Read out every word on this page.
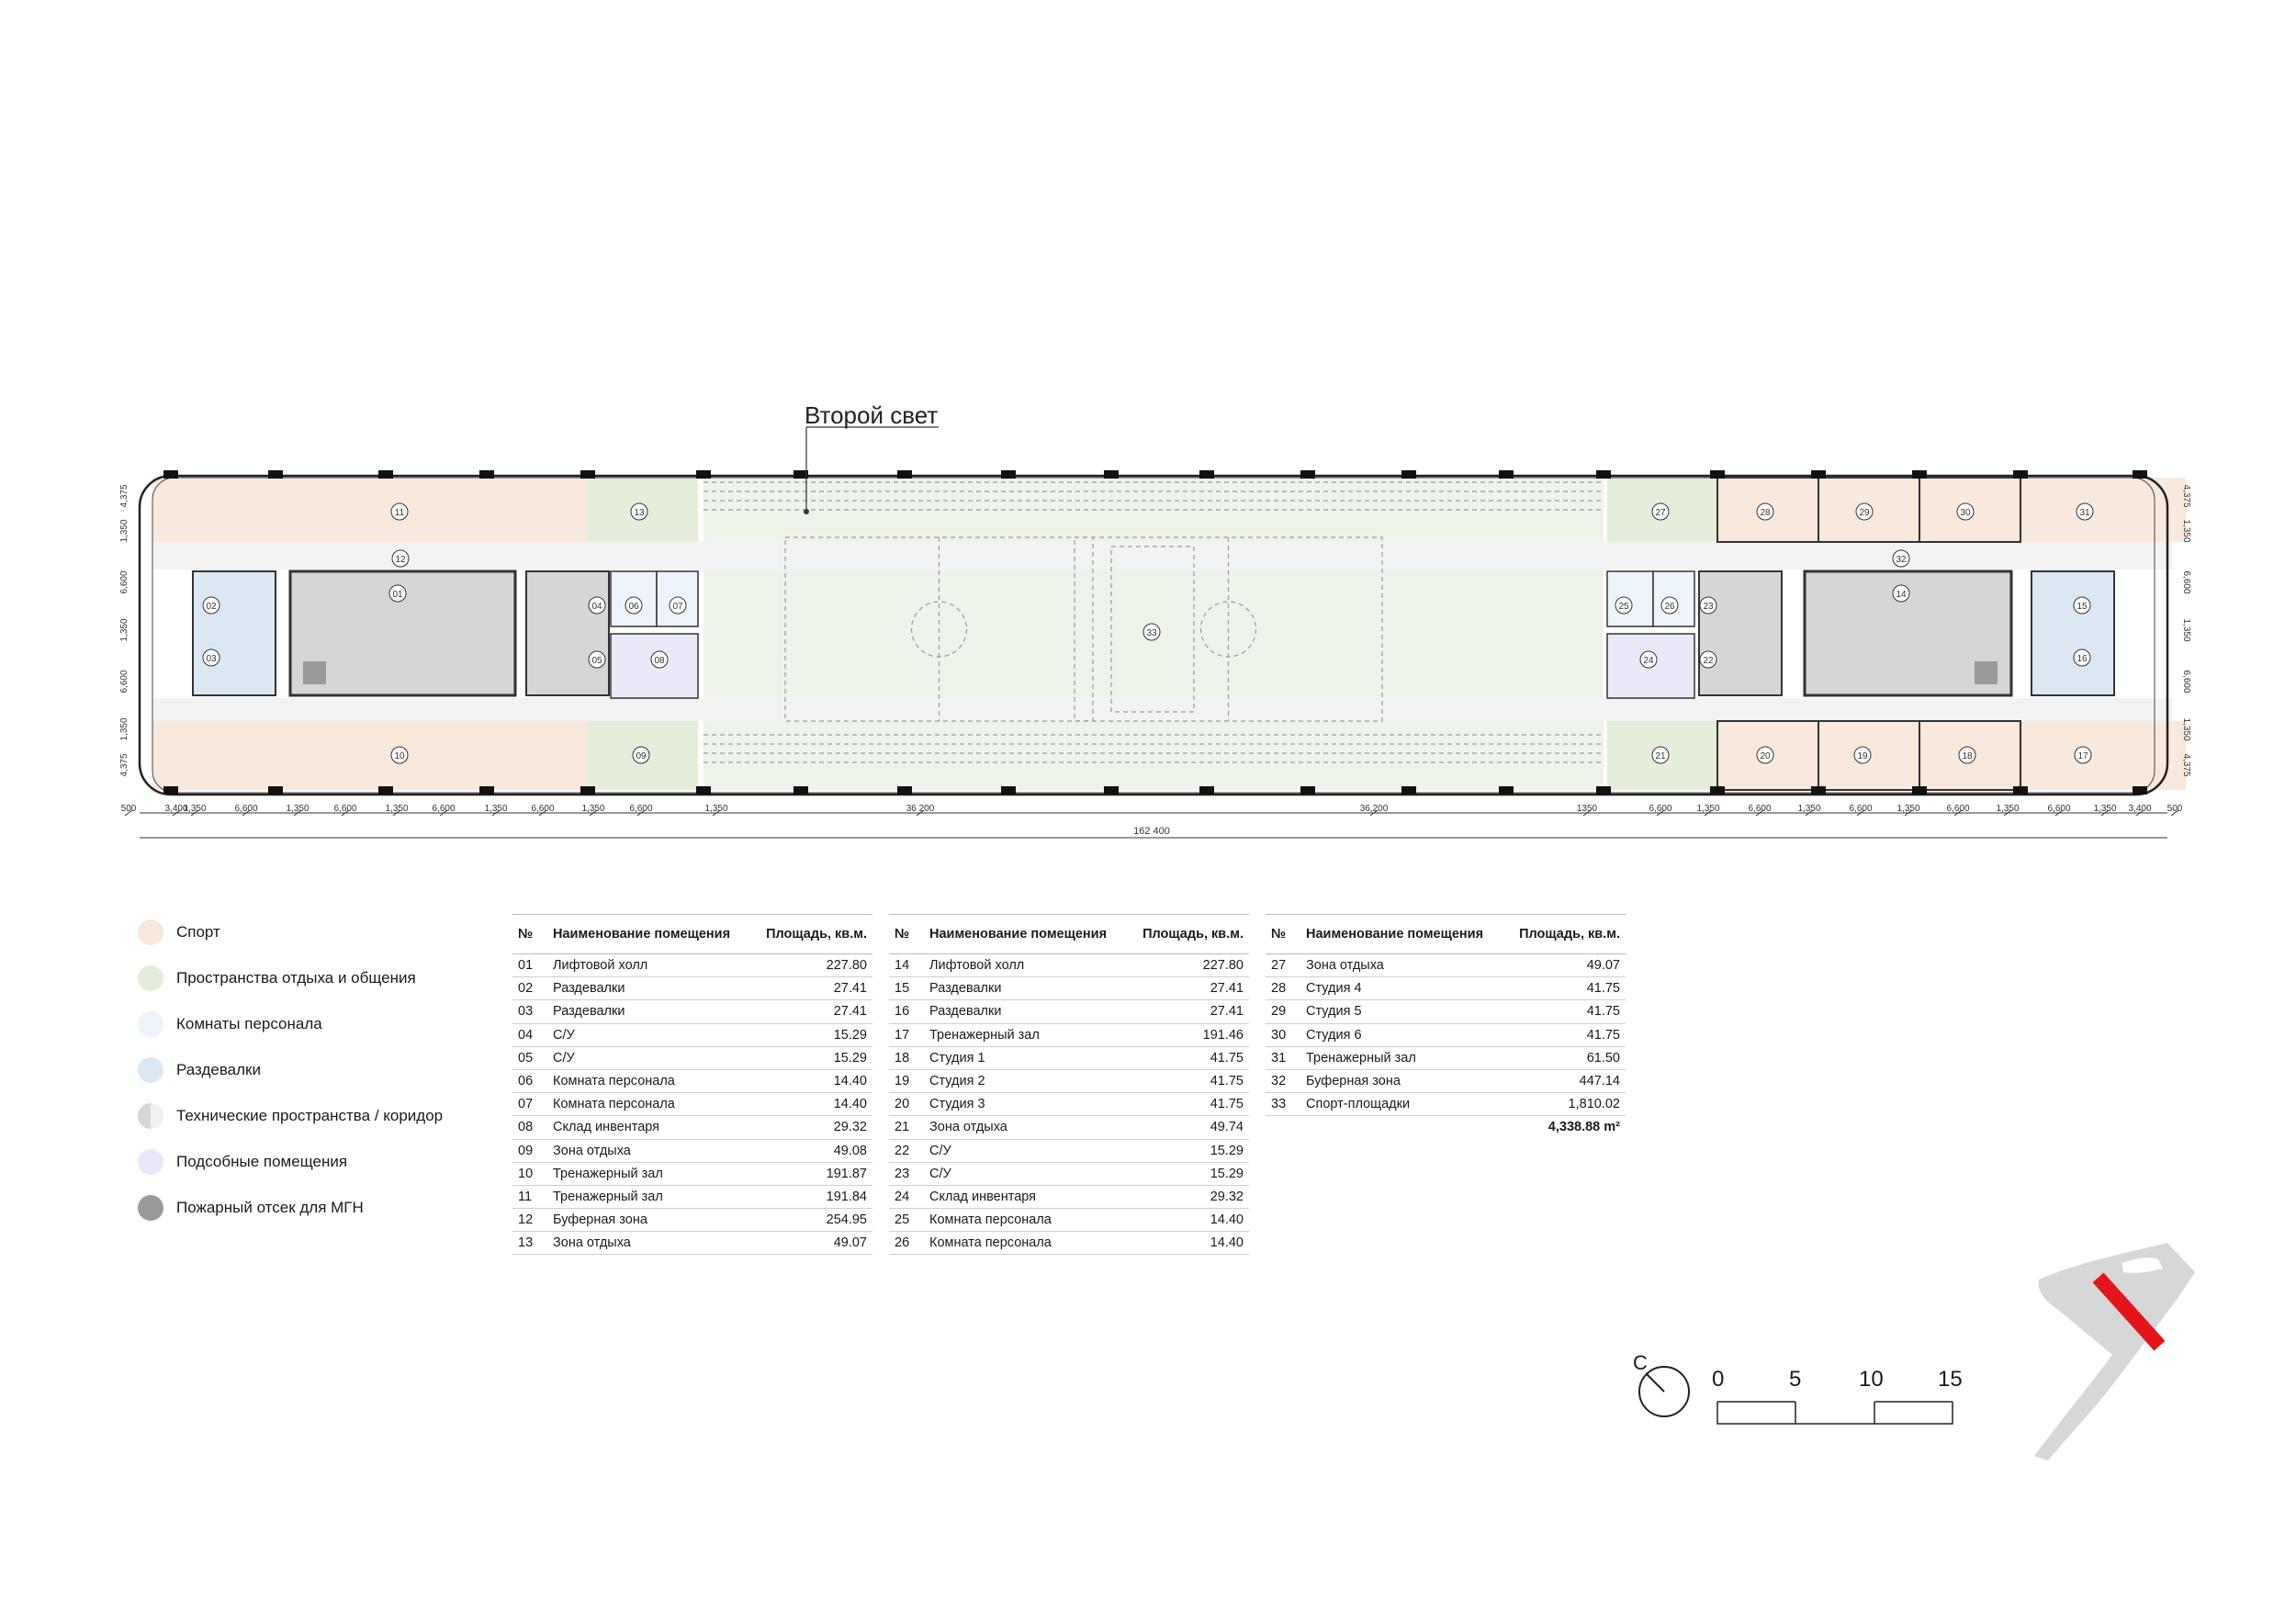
01
02
03
04
05
06	07
08
09
10
11
12
13
14
15
16
17
18
19
20
21
22
23
24
25	26
27	28	29	30	31
32
33
500	3,400
1,350	6,600	1,350	6,600	1,350	6,600	1,350	6,600	1,350	6,600	1,350	36 200	36,200	1350	6,600	1,350	6,600	1,350	6,600	1,350	6,600	1,350	6,600 1,350 3,400 500
162 400
4,375
1,350
6,600
1,350
6,600
1,350
4,375
4,375
1,350
6,600
1,350
6,600
1,350
4,375
Второй свет
Спорт
Пространства отдыха и общения
Комнаты персонала
Раздевалки
Технические пространства / коридор
Подсобные помещения
Пожарный отсек для МГН
№	Наименование помещения	Площадь, кв.м.
01	Лифтовой холл	227.80
02	Раздевалки	27.41
03	Раздевалки	27.41
04	С/У	15.29
05	С/У	15.29
06	Комната персонала	14.40
07	Комната персонала	14.40
08	Склад инвентаря	29.32
09	Зона отдыха	49.08
10	Тренажерный зал	191.87
11	Тренажерный зал	191.84
12	Буферная зона	254.95
13	Зона отдыха	49.07
№	Наименование помещения	Площадь, кв.м.
14	Лифтовой холл	227.80
15	Раздевалки	27.41
16	Раздевалки	27.41
17	Тренажерный зал	191.46
18	Студия 1	41.75
19	Студия 2	41.75
20	Студия 3	41.75
21	Зона отдыха	49.74
22	С/У	15.29
23	С/У	15.29
24	Склад инвентаря	29.32
25	Комната персонала	14.40
26	Комната персонала	14.40
№	Наименование помещения	Площадь, кв.м.
27	Зона отдыха	49.07
28	Студия 4	41.75
29	Студия 5	41.75
30	Студия 6	41.75
31	Тренажерный зал	61.50
32	Буферная зона	447.14
33	Спорт-площадки	1,810.02
4,338.88 m²		
С
0	5	10 15
